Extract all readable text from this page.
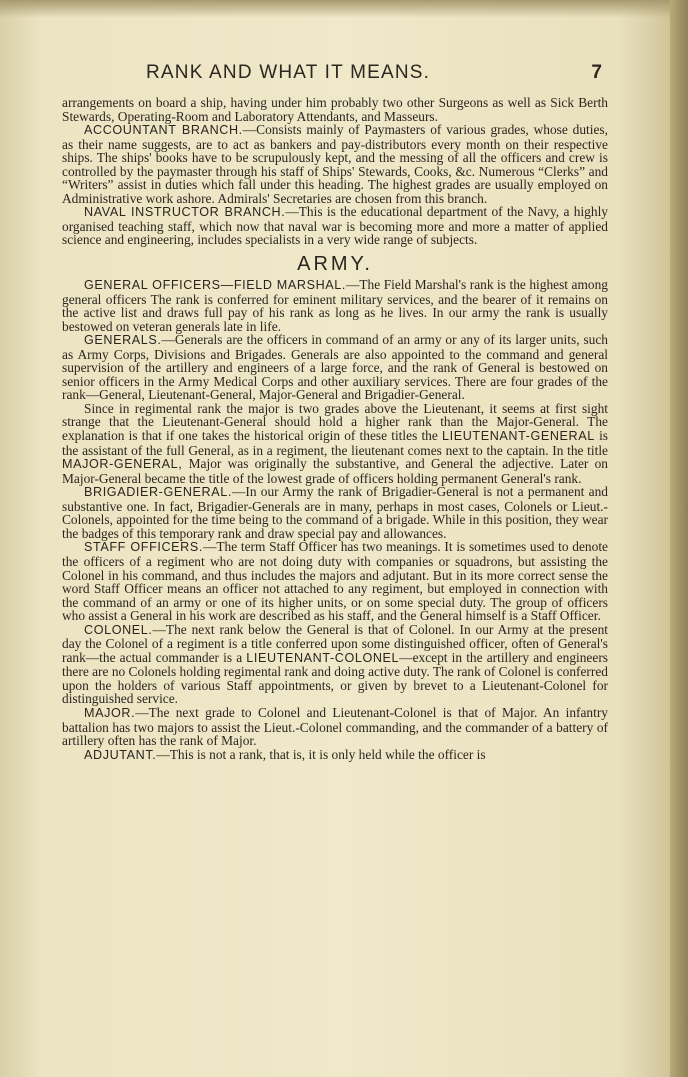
RANK AND WHAT IT MEANS.	7

arrangements on board a ship, having under him probably two other Surgeons as well as Sick Berth Stewards, Operating-Room and Laboratory Attendants, and Masseurs.

ACCOUNTANT BRANCH.—Consists mainly of Paymasters of various grades, whose duties, as their name suggests, are to act as bankers and pay-distributors every month on their respective ships. The ships' books have to be scrupulously kept, and the messing of all the officers and crew is controlled by the paymaster through his staff of Ships' Stewards, Cooks, &c. Numerous “Clerks” and “Writers” assist in duties which fall under this heading. The highest grades are usually employed on Administrative work ashore. Admirals' Secretaries are chosen from this branch.

NAVAL INSTRUCTOR BRANCH.—This is the educational department of the Navy, a highly organised teaching staff, which now that naval war is becoming more and more a matter of applied science and engineering, includes specialists in a very wide range of subjects.

ARMY.

GENERAL OFFICERS—FIELD MARSHAL.—The Field Marshal's rank is the highest among general officers The rank is conferred for eminent military services, and the bearer of it remains on the active list and draws full pay of his rank as long as he lives. In our army the rank is usually bestowed on veteran generals late in life.

GENERALS.—Generals are the officers in command of an army or any of its larger units, such as Army Corps, Divisions and Brigades. Generals are also appointed to the command and general supervision of the artillery and engineers of a large force, and the rank of General is bestowed on senior officers in the Army Medical Corps and other auxiliary services. There are four grades of the rank—General, Lieutenant-General, Major-General and Brigadier-General.

Since in regimental rank the major is two grades above the Lieutenant, it seems at first sight strange that the Lieutenant-General should hold a higher rank than the Major-General. The explanation is that if one takes the historical origin of these titles the LIEUTENANT-GENERAL is the assistant of the full General, as in a regiment, the lieutenant comes next to the captain. In the title MAJOR-GENERAL, Major was originally the substantive, and General the adjective. Later on Major-General became the title of the lowest grade of officers holding permanent General's rank.

BRIGADIER-GENERAL.—In our Army the rank of Brigadier-General is not a permanent and substantive one. In fact, Brigadier-Generals are in many, perhaps in most cases, Colonels or Lieut.-Colonels, appointed for the time being to the command of a brigade. While in this position, they wear the badges of this temporary rank and draw special pay and allowances.

STAFF OFFICERS.—The term Staff Officer has two meanings. It is sometimes used to denote the officers of a regiment who are not doing duty with companies or squadrons, but assisting the Colonel in his command, and thus includes the majors and adjutant. But in its more correct sense the word Staff Officer means an officer not attached to any regiment, but employed in connection with the command of an army or one of its higher units, or on some special duty. The group of officers who assist a General in his work are described as his staff, and the General himself is a Staff Officer.

COLONEL.—The next rank below the General is that of Colonel. In our Army at the present day the Colonel of a regiment is a title conferred upon some distinguished officer, often of General's rank—the actual commander is a LIEUTENANT-COLONEL—except in the artillery and engineers there are no Colonels holding regimental rank and doing active duty. The rank of Colonel is conferred upon the holders of various Staff appointments, or given by brevet to a Lieutenant-Colonel for distinguished service.

MAJOR.—The next grade to Colonel and Lieutenant-Colonel is that of Major. An infantry battalion has two majors to assist the Lieut.-Colonel commanding, and the commander of a battery of artillery often has the rank of Major.

ADJUTANT.—This is not a rank, that is, it is only held while the officer is
